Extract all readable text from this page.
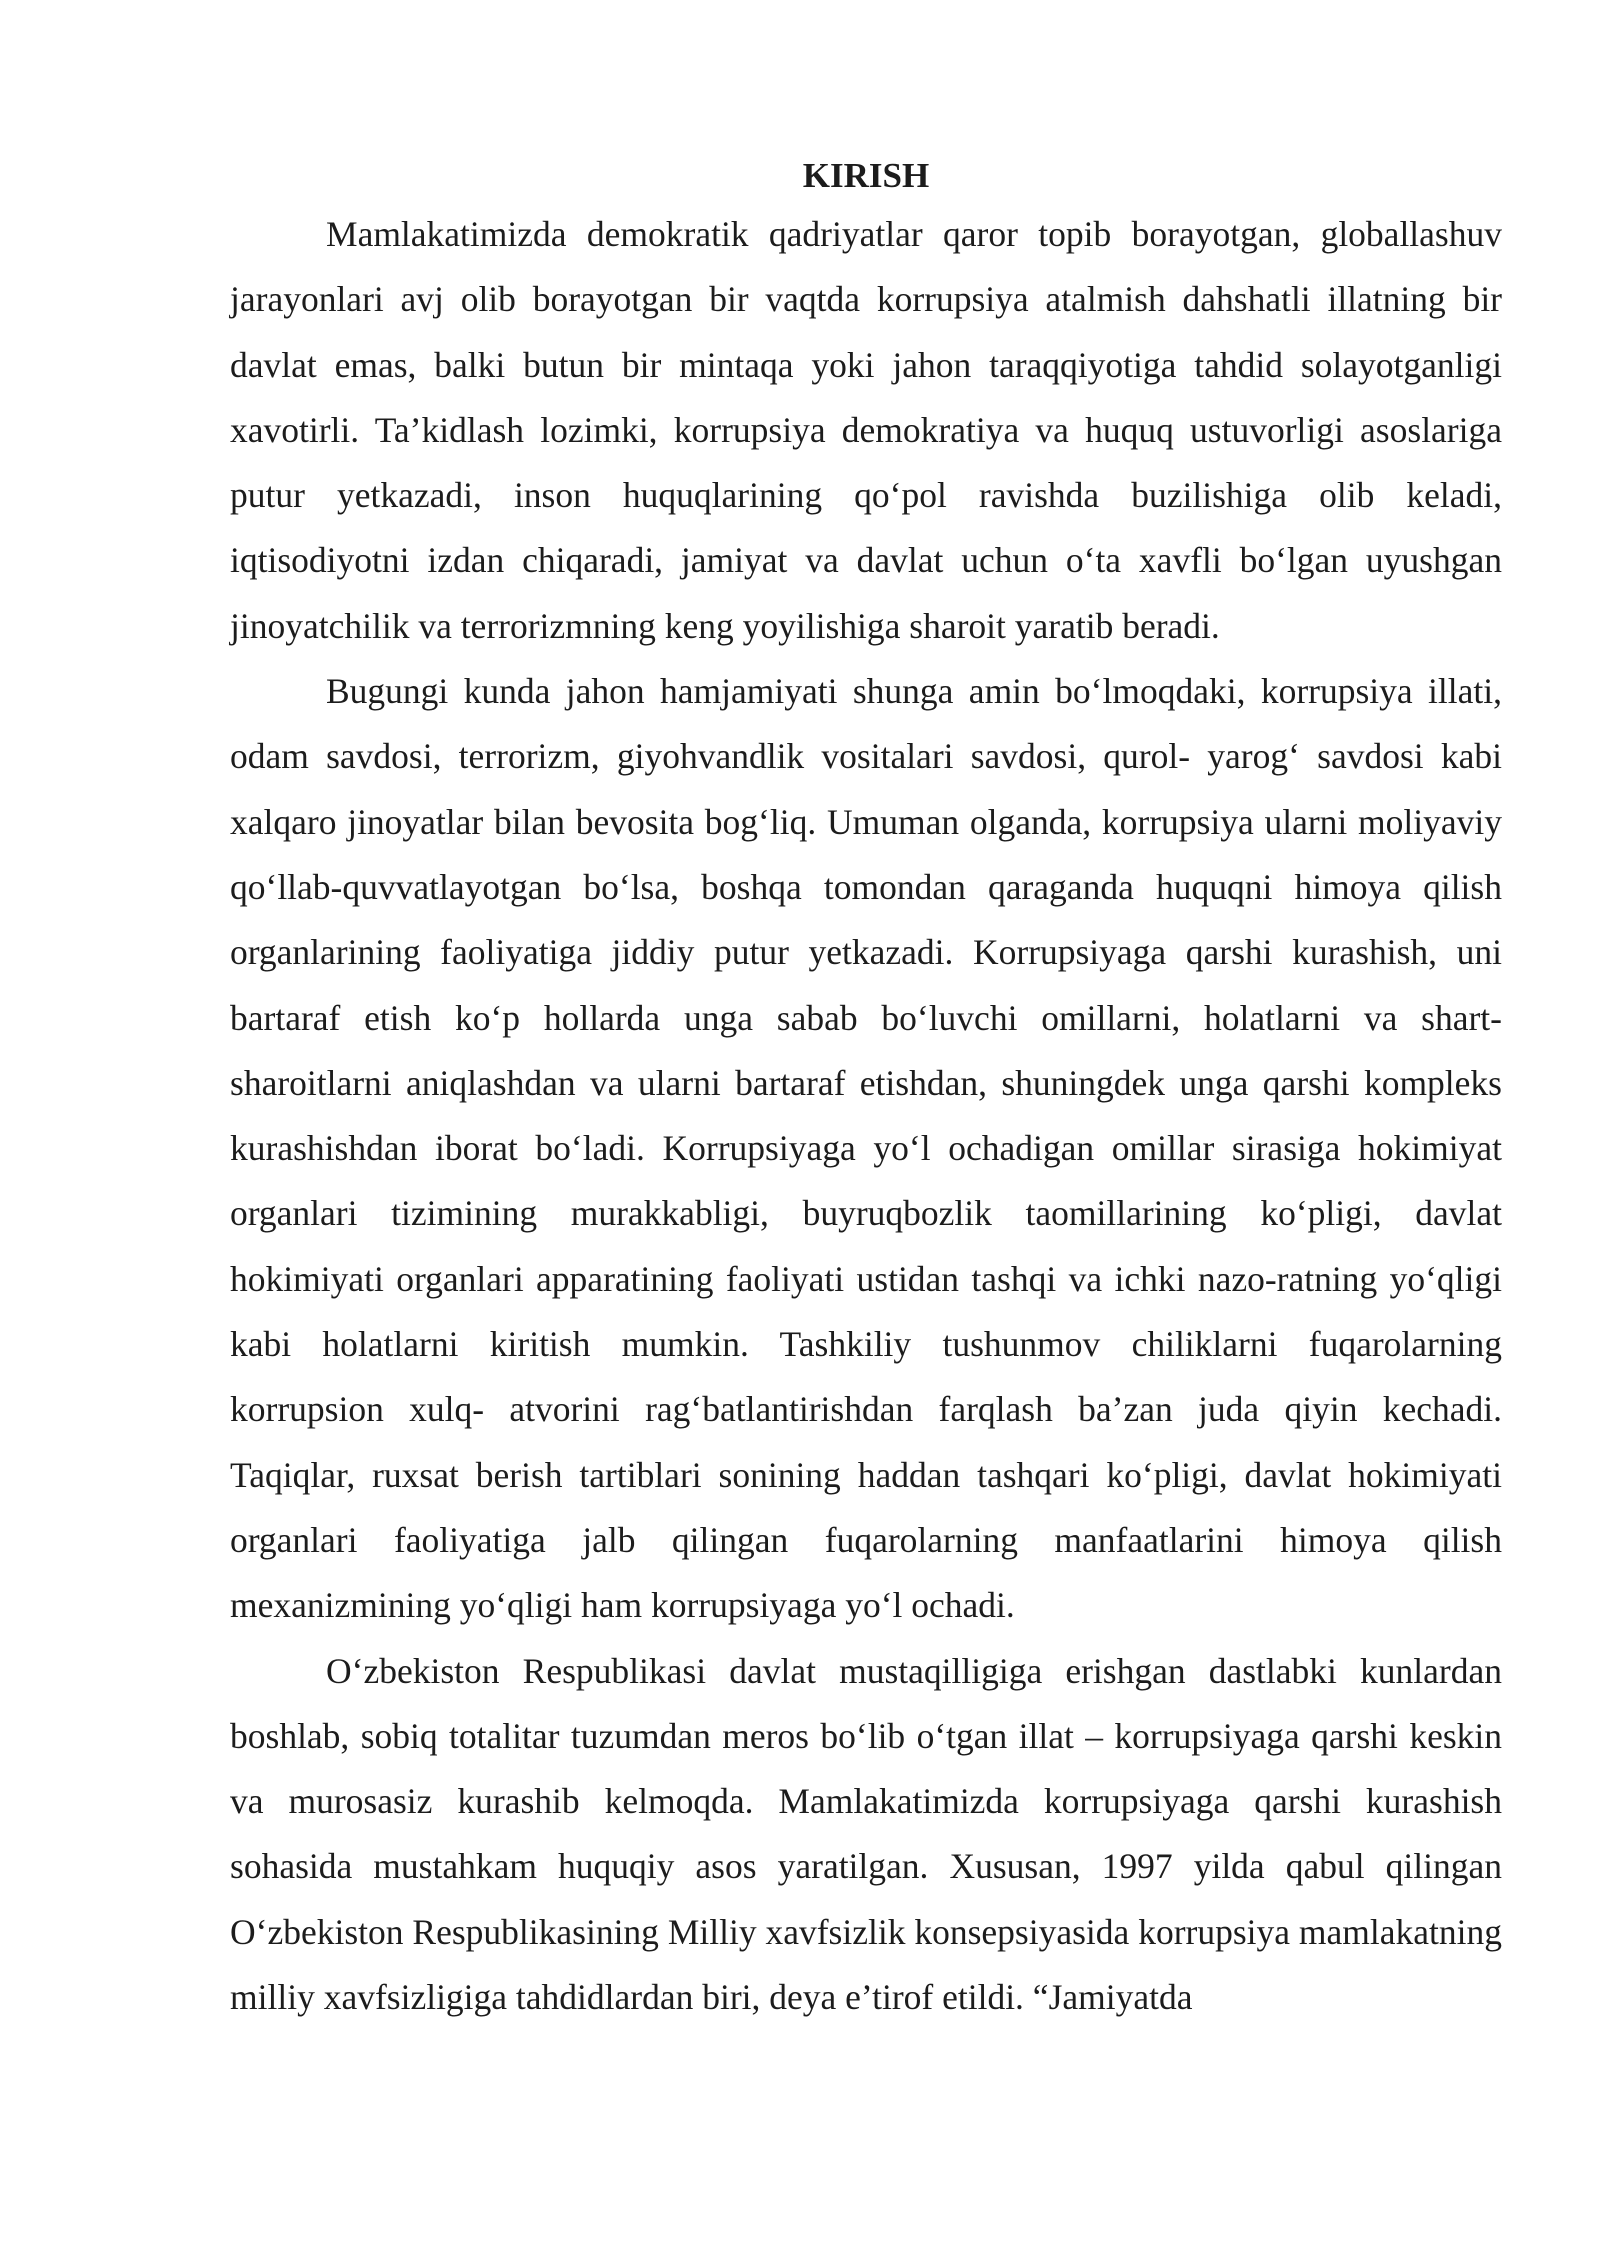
KIRISH

Mamlakatimizda demokratik qadriyatlar qaror topib borayotgan, globallashuv jarayonlari avj olib borayotgan bir vaqtda korrupsiya atalmish dahshatli illatning bir davlat emas, balki butun bir mintaqa yoki jahon taraqqiyotiga tahdid solayotganligi xavotirli. Ta’kidlash lozimki, korrupsiya demokratiya va huquq ustuvorligi asoslariga putur yetkazadi, inson huquqlarining qo‘pol ravishda buzilishiga olib keladi, iqtisodiyotni izdan chiqaradi, jamiyat va davlat uchun o‘ta xavfli bo‘lgan uyushgan jinoyatchilik va terrorizmning keng yoyilishiga sharoit yaratib beradi.

Bugungi kunda jahon hamjamiyati shunga amin bo‘lmoqdaki, korrupsiya illati, odam savdosi, terrorizm, giyohvandlik vositalari savdosi, qurol- yarog‘ savdosi kabi xalqaro jinoyatlar bilan bevosita bog‘liq. Umuman olganda, korrupsiya ularni moliyaviy qo‘llab-quvvatlayotgan bo‘lsa, boshqa tomondan qaraganda huquqni himoya qilish organlarining faoliyatiga jiddiy putur yetkazadi. Korrupsiyaga qarshi kurashish, uni bartaraf etish ko‘p hollarda unga sabab bo‘luvchi omillarni, holatlarni va shart-sharoitlarni aniqlashdan va ularni bartaraf etishdan, shuningdek unga qarshi kompleks kurashishdan iborat bo‘ladi. Korrupsiyaga yo‘l ochadigan omillar sirasiga hokimiyat organlari tizimining murakkabligi, buyruqbozlik taomillarining ko‘pligi, davlat hokimiyati organlari apparatining faoliyati ustidan tashqi va ichki nazo-ratning yo‘qligi kabi holatlarni kiritish mumkin. Tashkiliy tushunmov chiliklarni fuqarolarning korrupsion xulq- atvorini rag‘batlantirishdan farqlash ba’zan juda qiyin kechadi. Taqiqlar, ruxsat berish tartiblari sonining haddan tashqari ko‘pligi, davlat hokimiyati organlari faoliyatiga jalb qilingan fuqarolarning manfaatlarini himoya qilish mexanizmining yo‘qligi ham korrupsiyaga yo‘l ochadi.

O‘zbekiston Respublikasi davlat mustaqilligiga erishgan dastlabki kunlardan boshlab, sobiq totalitar tuzumdan meros bo‘lib o‘tgan illat – korrupsiyaga qarshi keskin va murosasiz kurashib kelmoqda. Mamlakatimizda korrupsiyaga qarshi kurashish sohasida mustahkam huquqiy asos yaratilgan. Xususan, 1997 yilda qabul qilingan O‘zbekiston Respublikasining Milliy xavfsizlik konsepsiyasida korrupsiya mamlakatning milliy xavfsizligiga tahdidlardan biri, deya e’tirof etildi. “Jamiyatda
